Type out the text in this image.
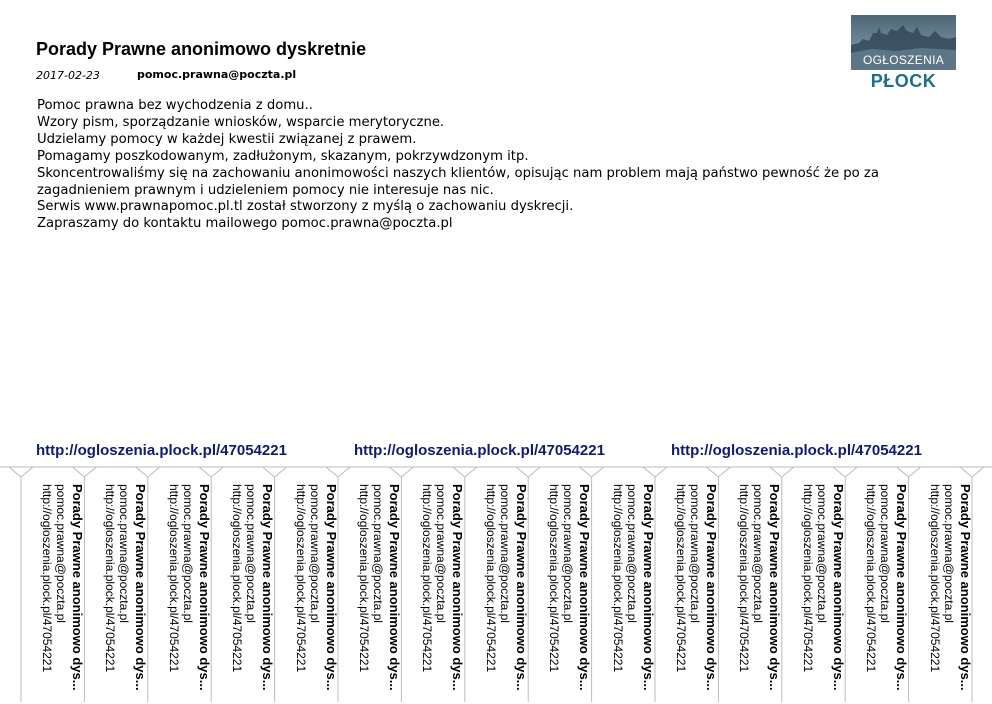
Porady Prawne anonimowo dyskretnie
2017-02-23	pomoc.prawna@poczta.pl
OGŁOSZENIA
PŁOCK
Pomoc prawna bez wychodzenia z domu..
Wzory pism, sporządzanie wniosków, wsparcie merytoryczne.
Udzielamy pomocy w każdej kwestii związanej z prawem.
Pomagamy poszkodowanym, zadłużonym, skazanym, pokrzywdzonym itp.
Skoncentrowaliśmy się na zachowaniu anonimowości naszych klientów, opisując nam problem mają państwo pewność że po za zagadnieniem prawnym i udzieleniem pomocy nie interesuje nas nic.
Serwis www.prawnapomoc.pl.tl został stworzony z myślą o zachowaniu dyskrecji.
Zapraszamy do kontaktu mailowego pomoc.prawna@poczta.pl
http://ogloszenia.plock.pl/47054221	http://ogloszenia.plock.pl/47054221	http://ogloszenia.plock.pl/47054221
Porady Prawne anonimowo dys...
pomoc.prawna@poczta.pl
http://ogloszenia.plock.pl/47054221	Porady Prawne anonimowo dys...
pomoc.prawna@poczta.pl
http://ogloszenia.plock.pl/47054221	Porady Prawne anonimowo dys...
pomoc.prawna@poczta.pl
http://ogloszenia.plock.pl/47054221	Porady Prawne anonimowo dys...
pomoc.prawna@poczta.pl
http://ogloszenia.plock.pl/47054221	Porady Prawne anonimowo dys...
pomoc.prawna@poczta.pl
http://ogloszenia.plock.pl/47054221	Porady Prawne anonimowo dys...
pomoc.prawna@poczta.pl
http://ogloszenia.plock.pl/47054221	Porady Prawne anonimowo dys...
pomoc.prawna@poczta.pl
http://ogloszenia.plock.pl/47054221	Porady Prawne anonimowo dys...
pomoc.prawna@poczta.pl
http://ogloszenia.plock.pl/47054221	Porady Prawne anonimowo dys...
pomoc.prawna@poczta.pl
http://ogloszenia.plock.pl/47054221	Porady Prawne anonimowo dys...
pomoc.prawna@poczta.pl
http://ogloszenia.plock.pl/47054221	Porady Prawne anonimowo dys...
pomoc.prawna@poczta.pl
http://ogloszenia.plock.pl/47054221	Porady Prawne anonimowo dys...
pomoc.prawna@poczta.pl
http://ogloszenia.plock.pl/47054221	Porady Prawne anonimowo dys...
pomoc.prawna@poczta.pl
http://ogloszenia.plock.pl/47054221	Porady Prawne anonimowo dys...
pomoc.prawna@poczta.pl
http://ogloszenia.plock.pl/47054221	Porady Prawne anonimowo dys...
pomoc.prawna@poczta.pl
http://ogloszenia.plock.pl/47054221
